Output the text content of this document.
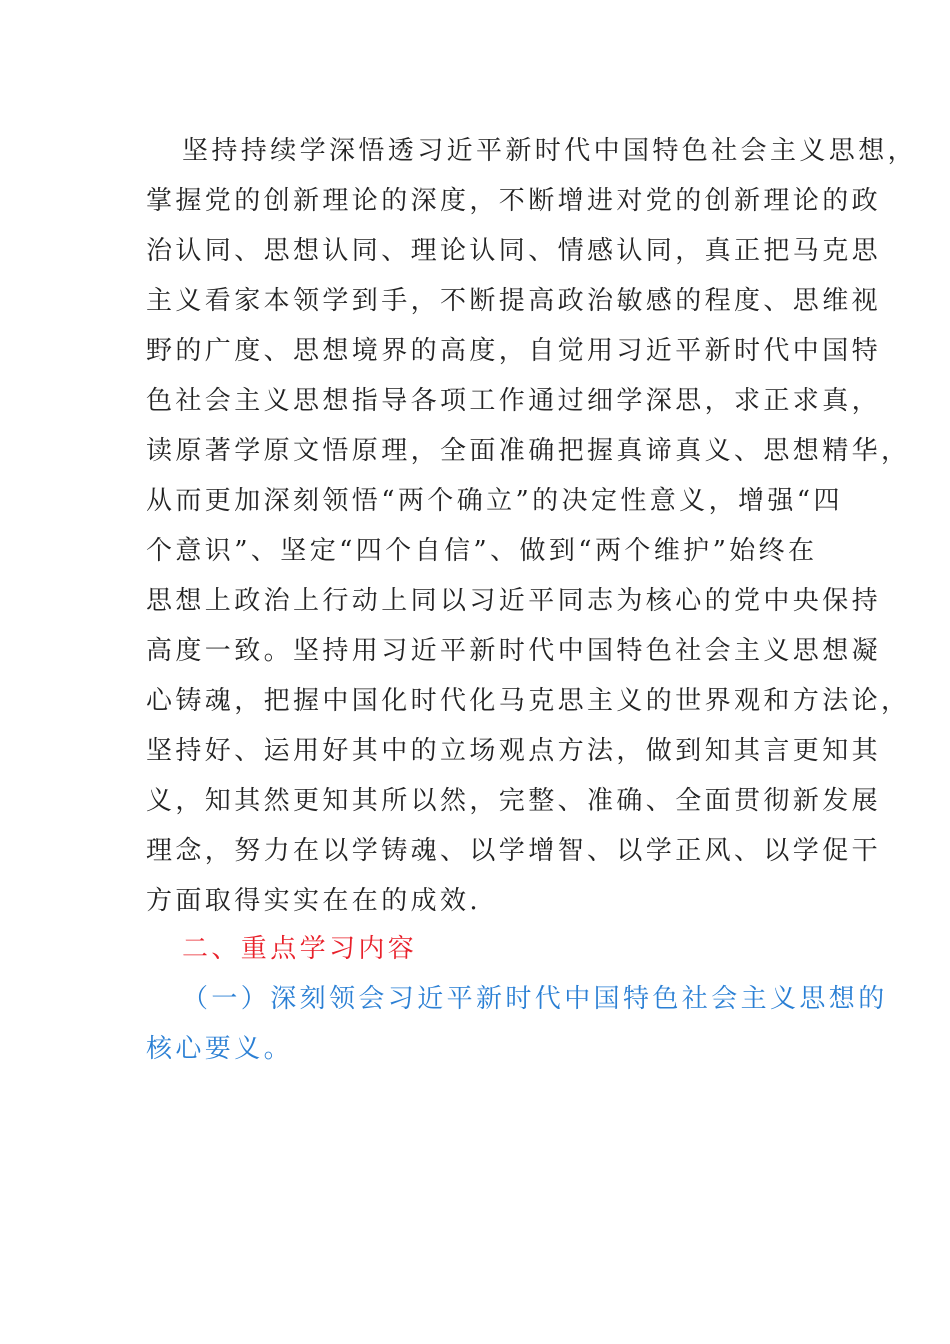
坚持持续学深悟透习近平新时代中国特色社会主义思想，
掌握党的创新理论的深度，不断增进对党的创新理论的政
治认同、思想认同、理论认同、情感认同，真正把马克思
主义看家本领学到手，不断提高政治敏感的程度、思维视
野的广度、思想境界的高度，自觉用习近平新时代中国特
色社会主义思想指导各项工作通过细学深思，求正求真，
读原著学原文悟原理，全面准确把握真谛真义、思想精华，
从而更加深刻领悟“两个确立”的决定性意义，增强“四
个意识”、坚定“四个自信”、做到“两个维护”始终在
思想上政治上行动上同以习近平同志为核心的党中央保持
高度一致。坚持用习近平新时代中国特色社会主义思想凝
心铸魂，把握中国化时代化马克思主义的世界观和方法论，
坚持好、运用好其中的立场观点方法，做到知其言更知其
义，知其然更知其所以然，完整、准确、全面贯彻新发展
理念，努力在以学铸魂、以学增智、以学正风、以学促干
方面取得实实在在的成效.
二、重点学习内容
（一）深刻领会习近平新时代中国特色社会主义思想的
核心要义。
